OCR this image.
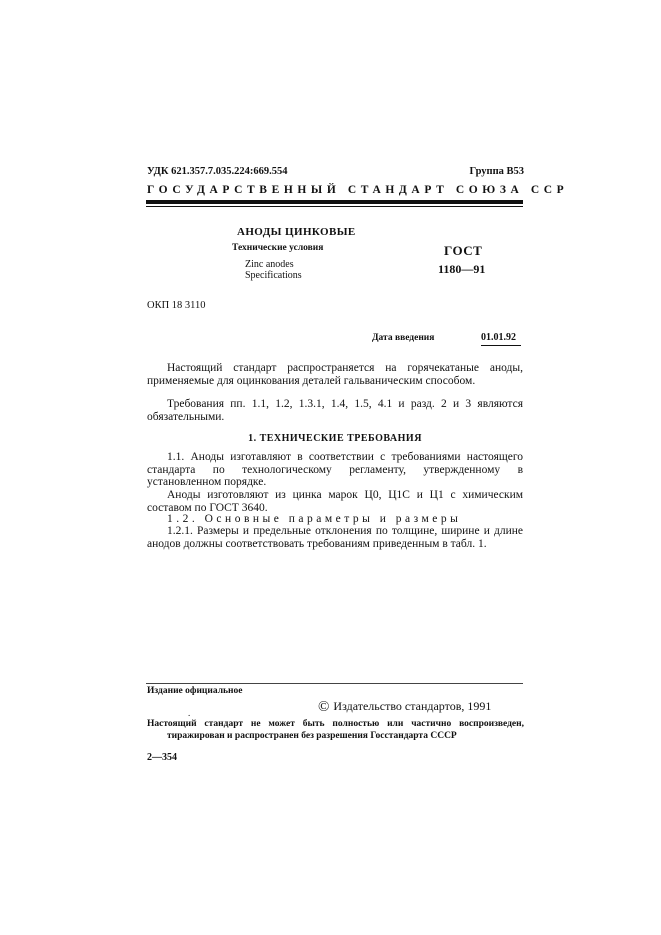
УДК 621.357.7.035.224:669.554	Группа В53
ГОСУДАРСТВЕННЫЙ СТАНДАРТ СОЮЗА ССР
АНОДЫ ЦИНКОВЫЕ
Технические условия
Zinc anodes
Specifications
ГОСТ
1180—91
ОКП 18 3110
Дата введения	01.01.92
Настоящий стандарт распространяется на горячекатаные аноды, применяемые для оцинкования деталей гальваническим способом.
Требования пп. 1.1, 1.2, 1.3.1, 1.4, 1.5, 4.1 и разд. 2 и 3 являются обязательными.
1. ТЕХНИЧЕСКИЕ ТРЕБОВАНИЯ
1.1. Аноды изготавляют в соответствии с требованиями настоящего стандарта по технологическому регламенту, утвержденному в установленном порядке.
Аноды изготовляют из цинка марок Ц0, Ц1С и Ц1 с химическим составом по ГОСТ 3640.
1.2. Основные параметры и размеры
1.2.1. Размеры и предельные отклонения по толщине, ширине и длине анодов должны соответствовать требованиям приведенным в табл. 1.
Издание официальное
© Издательство стандартов, 1991
.
Настоящий стандарт не может быть полностью или частично воспроизведен,
тиражирован и распространен без разрешения Госстандарта СССР
2—354
